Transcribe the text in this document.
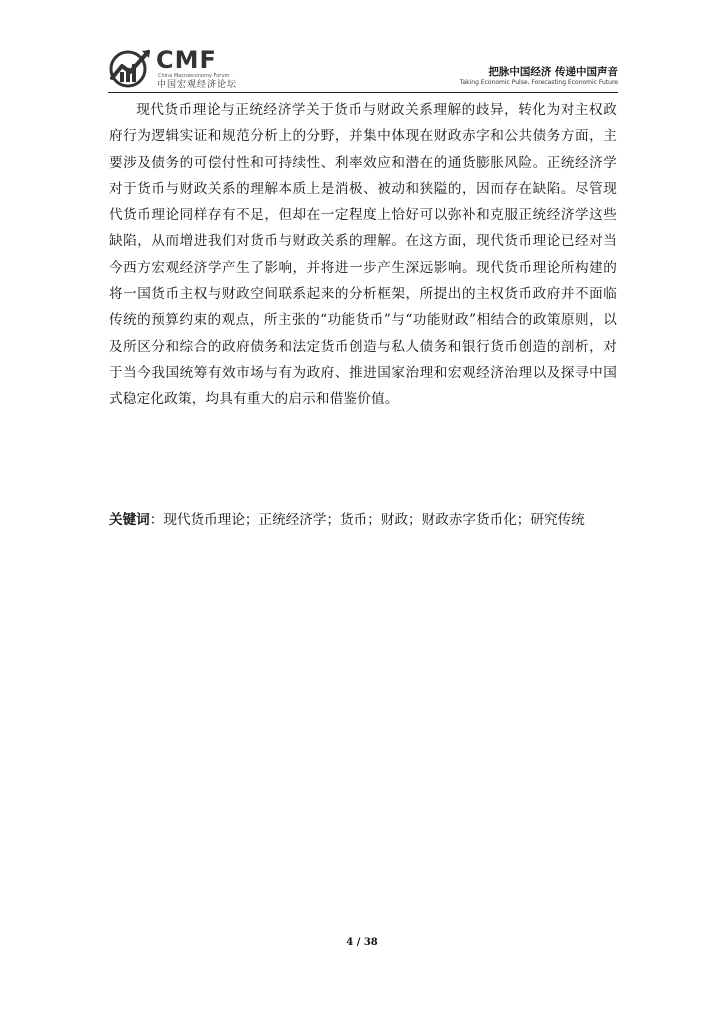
CMF
China Macroeconomy Forum
中国宏观经济论坛
把脉中国经济 传递中国声音
Taking Economic Pulse, Forecasting Economic Future

现代货币理论与正统经济学关于货币与财政关系理解的歧异，转化为对主权政府行为逻辑实证和规范分析上的分野，并集中体现在财政赤字和公共债务方面，主要涉及债务的可偿付性和可持续性、利率效应和潜在的通货膨胀风险。正统经济学对于货币与财政关系的理解本质上是消极、被动和狭隘的，因而存在缺陷。尽管现代货币理论同样存有不足，但却在一定程度上恰好可以弥补和克服正统经济学这些缺陷，从而增进我们对货币与财政关系的理解。在这方面，现代货币理论已经对当今西方宏观经济学产生了影响，并将进一步产生深远影响。现代货币理论所构建的将一国货币主权与财政空间联系起来的分析框架，所提出的主权货币政府并不面临传统的预算约束的观点，所主张的“功能货币”与“功能财政”相结合的政策原则，以及所区分和综合的政府债务和法定货币创造与私人债务和银行货币创造的剖析，对于当今我国统筹有效市场与有为政府、推进国家治理和宏观经济治理以及探寻中国式稳定化政策，均具有重大的启示和借鉴价值。

关键词：现代货币理论；正统经济学；货币；财政；财政赤字货币化；研究传统
4 / 38
